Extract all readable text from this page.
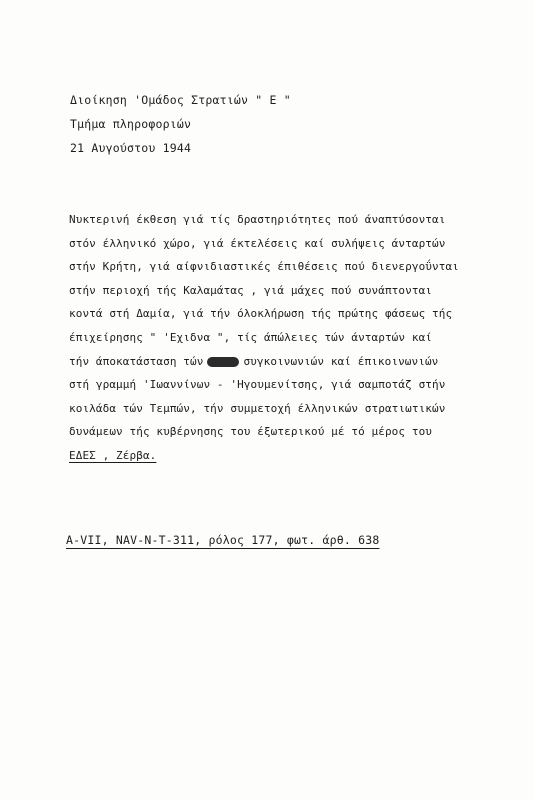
Διοίκηση 'Ομάδος Στρατιών " Ε "
Τμήμα πληροφοριών
21 Αυγούστου 1944
Νυκτερινή έκθεση γιά τίς δραστηριότητες πού άναπτύσονται
στόν έλληνικό χώρο, γιά έκτελέσεις καί συλήψεις άνταρτών
στήν Κρήτη, γιά αίφνιδιαστικές έπιθέσεις πού διενεργοΰνται
στήν περιοχή τής Καλαμάτας , γιά μάχες πού συνάπτονται
κοντά στή Δαμία, γιά τήν όλοκλήρωση τής πρώτης φάσεως τής
έπιχείρησης " 'Εχιδνα ", τίς άπώλειες τών άνταρτών καί
τήν άποκατάσταση τών	συγκοινωνιών καί έπικοινωνιών
στή γραμμή 'Ιωαννίνων - 'Ηγουμενίτσης, γιά σαμποτάζ στήν
κοιλάδα τών Τεμπών, τήν συμμετοχή έλληνικών στρατιωτικών
δυνάμεων τής κυβέρνησης του έξωτερικού μέ τό μέρος του
ΕΔΕΣ , Ζέρβα.
A-VII, NAV-N-T-311, ρόλος 177, φωτ. άρθ. 638
